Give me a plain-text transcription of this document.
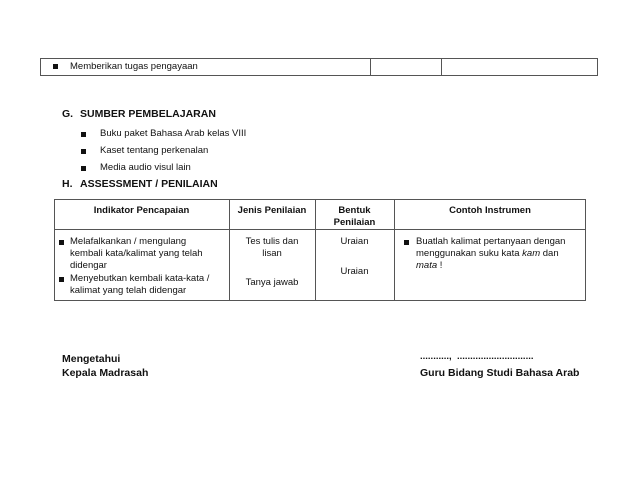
Memberikan tugas pengayaan
G. SUMBER PEMBELAJARAN
Buku paket Bahasa Arab kelas VIII
Kaset tentang perkenalan
Media audio visul lain
H. ASSESSMENT / PENILAIAN
Indikator Pencapaian	Jenis Penilaian	Bentuk
Penilaian
Contoh Instrumen
Melafalkankan / mengulang
kembali kata/kalimat yang telah
didengar
Menyebutkan kembali kata-kata /
kalimat yang telah didengar
Tes tulis dan
lisan
Tanya jawab
Uraian
Uraian
Buatlah kalimat pertanyaan dengan
menggunakan suku kata kam dan
mata !
Mengetahui
Kepala Madrasah
...........,  .............................
Guru Bidang Studi Bahasa Arab
